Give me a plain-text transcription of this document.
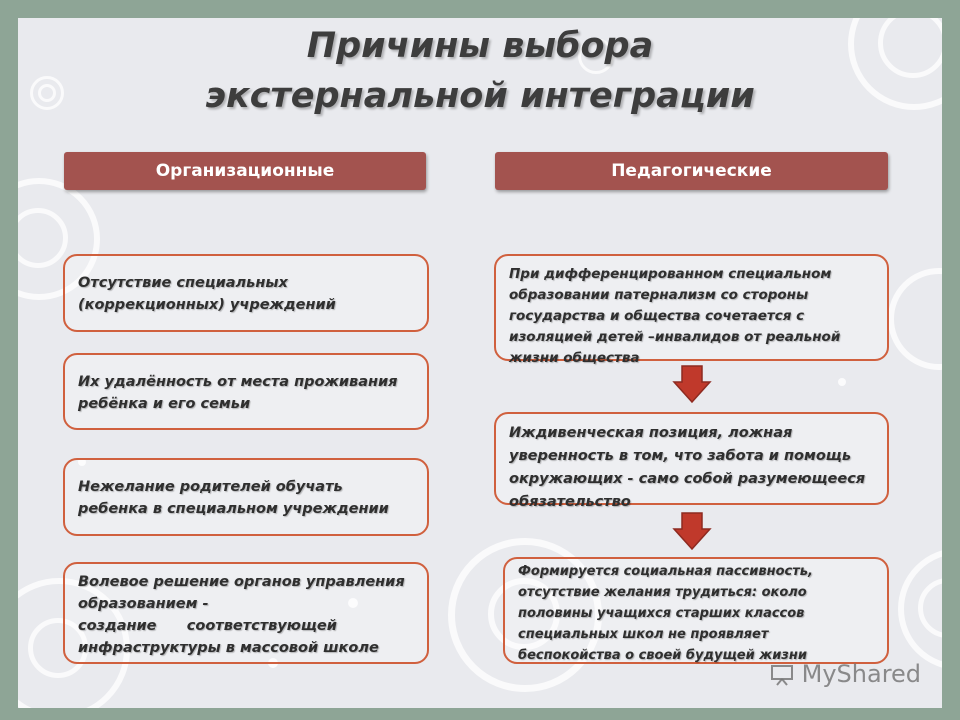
Причины выбора
экстернальной интеграции
Организационные	Педагогические
Отсутствие специальных
(коррекционных) учреждений
Их удалённость от места проживания
ребёнка и его семьи
Нежелание родителей обучать
ребенка в специальном учреждении
Волевое решение органов управления
образованием -
создание      соответствующей
инфраструктуры в массовой школе
При дифференцированном специальном
образовании патернализм со стороны
государства и общества сочетается с
изоляцией детей –инвалидов от реальной
жизни общества
Иждивенческая позиция, ложная
уверенность в том, что забота и помощь
окружающих - само собой разумеющееся
обязательство
Формируется социальная пассивность,
отсутствие желания трудиться: около
половины учащихся старших классов
специальных школ не проявляет
беспокойства о своей будущей жизни
MyShared
